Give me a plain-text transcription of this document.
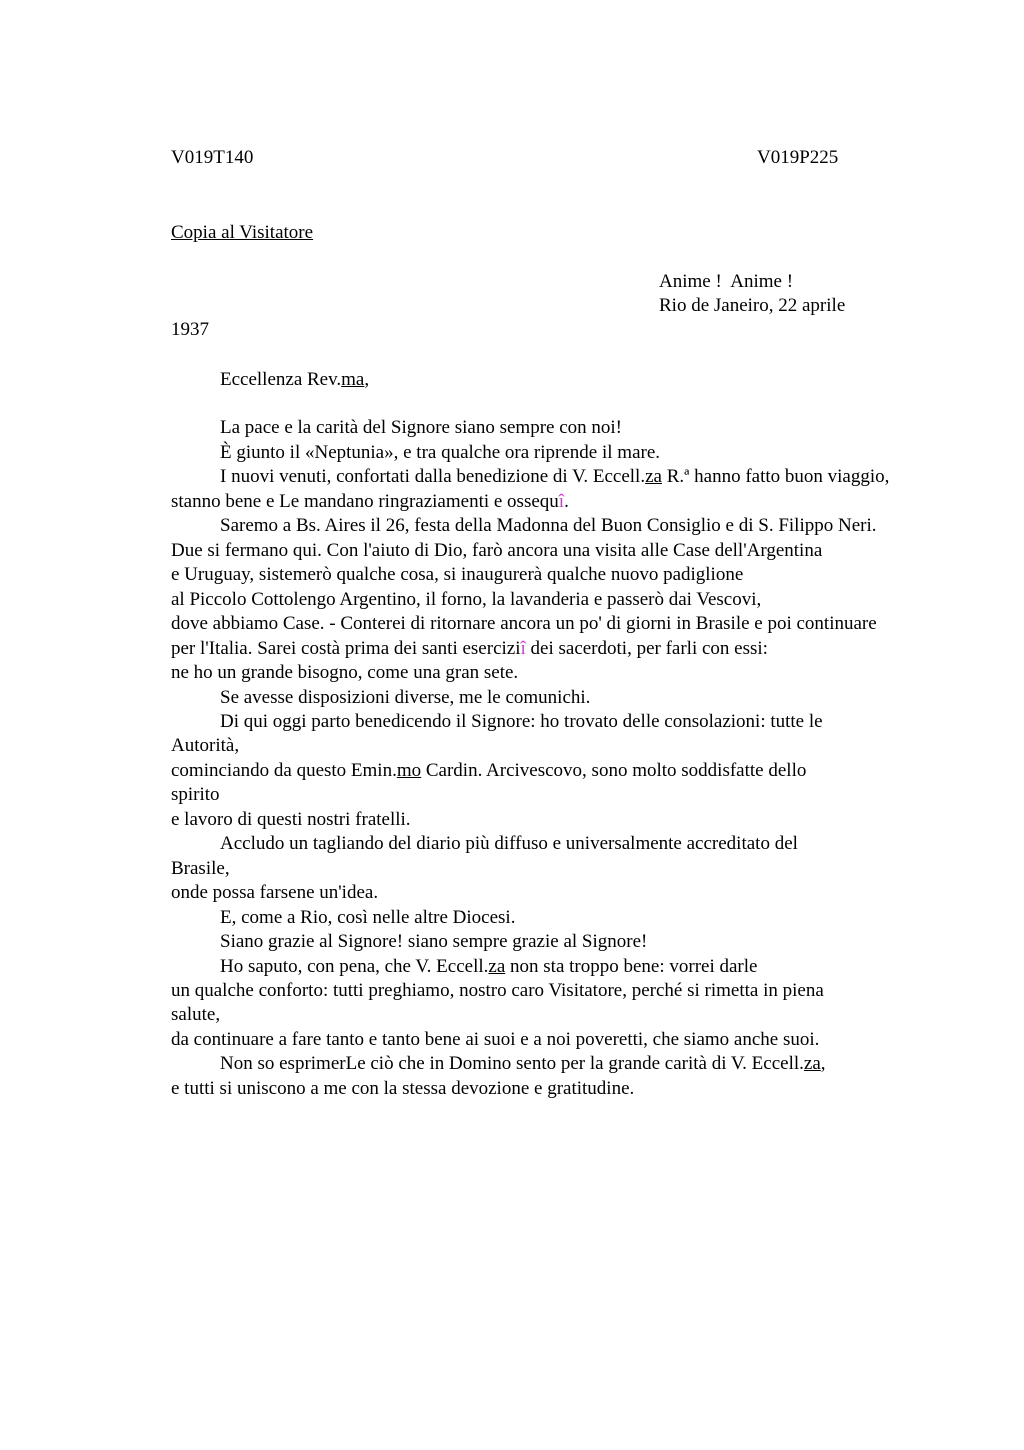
V019T140	V019P225
Copia al Visitatore
Anime !  Anime !
Rio de Janeiro, 22 aprile
1937
Eccellenza Rev.ma,
La pace e la carità del Signore siano sempre con noi!
È giunto il «Neptunia», e tra qualche ora riprende il mare.
I nuovi venuti, confortati dalla benedizione di V. Eccell.za R.ª hanno fatto buon viaggio,
stanno bene e Le mandano ringraziamenti e ossequî.
Saremo a Bs. Aires il 26, festa della Madonna del Buon Consiglio e di S. Filippo Neri.
Due si fermano qui. Con l'aiuto di Dio, farò ancora una visita alle Case dell'Argentina
e Uruguay, sistemerò qualche cosa, si inaugurerà qualche nuovo padiglione
al Piccolo Cottolengo Argentino, il forno, la lavanderia e passerò dai Vescovi,
dove abbiamo Case. - Conterei di ritornare ancora un po' di giorni in Brasile e poi continuare
per l'Italia. Sarei costà prima dei santi eserciziî dei sacerdoti, per farli con essi:
ne ho un grande bisogno, come una gran sete.
Se avesse disposizioni diverse, me le comunichi.
Di qui oggi parto benedicendo il Signore: ho trovato delle consolazioni: tutte le
Autorità,
cominciando da questo Emin.mo Cardin. Arcivescovo, sono molto soddisfatte dello
spirito
e lavoro di questi nostri fratelli.
Accludo un tagliando del diario più diffuso e universalmente accreditato del
Brasile,
onde possa farsene un'idea.
E, come a Rio, così nelle altre Diocesi.
Siano grazie al Signore! siano sempre grazie al Signore!
Ho saputo, con pena, che V. Eccell.za non sta troppo bene: vorrei darle
un qualche conforto: tutti preghiamo, nostro caro Visitatore, perché si rimetta in piena
salute,
da continuare a fare tanto e tanto bene ai suoi e a noi poveretti, che siamo anche suoi.
Non so esprimerLe ciò che in Domino sento per la grande carità di V. Eccell.za,
e tutti si uniscono a me con la stessa devozione e gratitudine.
